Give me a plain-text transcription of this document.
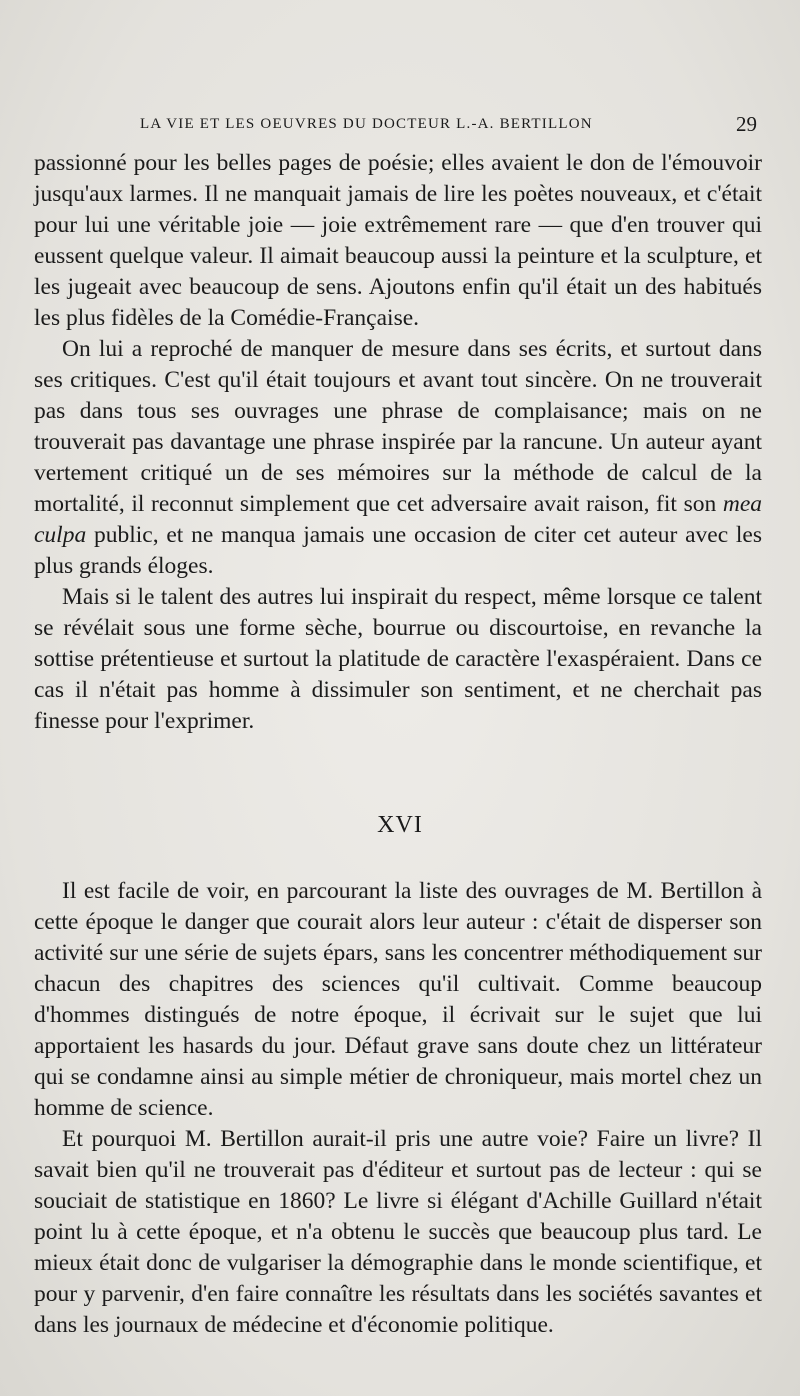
LA VIE ET LES OEUVRES DU DOCTEUR L.-A. BERTILLON	29

passionné pour les belles pages de poésie; elles avaient le don de l'émouvoir jusqu'aux larmes. Il ne manquait jamais de lire les poètes nouveaux, et c'était pour lui une véritable joie — joie extrêmement rare — que d'en trouver qui eussent quelque valeur. Il aimait beaucoup aussi la peinture et la sculpture, et les jugeait avec beaucoup de sens. Ajoutons enfin qu'il était un des habitués les plus fidèles de la Comédie-Française.

On lui a reproché de manquer de mesure dans ses écrits, et surtout dans ses critiques. C'est qu'il était toujours et avant tout sincère. On ne trouverait pas dans tous ses ouvrages une phrase de complaisance; mais on ne trouverait pas davantage une phrase inspirée par la rancune. Un auteur ayant vertement critiqué un de ses mémoires sur la méthode de calcul de la mortalité, il reconnut simplement que cet adversaire avait raison, fit son mea culpa public, et ne manqua jamais une occasion de citer cet auteur avec les plus grands éloges.

Mais si le talent des autres lui inspirait du respect, même lorsque ce talent se révélait sous une forme sèche, bourrue ou discourtoise, en revanche la sottise prétentieuse et surtout la platitude de caractère l'exaspéraient. Dans ce cas il n'était pas homme à dissimuler son sentiment, et ne cherchait pas finesse pour l'exprimer.

XVI

Il est facile de voir, en parcourant la liste des ouvrages de M. Bertillon à cette époque le danger que courait alors leur auteur : c'était de disperser son activité sur une série de sujets épars, sans les concentrer méthodiquement sur chacun des chapitres des sciences qu'il cultivait. Comme beaucoup d'hommes distingués de notre époque, il écrivait sur le sujet que lui apportaient les hasards du jour. Défaut grave sans doute chez un littérateur qui se condamne ainsi au simple métier de chroniqueur, mais mortel chez un homme de science.

Et pourquoi M. Bertillon aurait-il pris une autre voie? Faire un livre? Il savait bien qu'il ne trouverait pas d'éditeur et surtout pas de lecteur : qui se souciait de statistique en 1860? Le livre si élégant d'Achille Guillard n'était point lu à cette époque, et n'a obtenu le succès que beaucoup plus tard. Le mieux était donc de vulgariser la démographie dans le monde scientifique, et pour y parvenir, d'en faire connaître les résultats dans les sociétés savantes et dans les journaux de médecine et d'économie politique.
